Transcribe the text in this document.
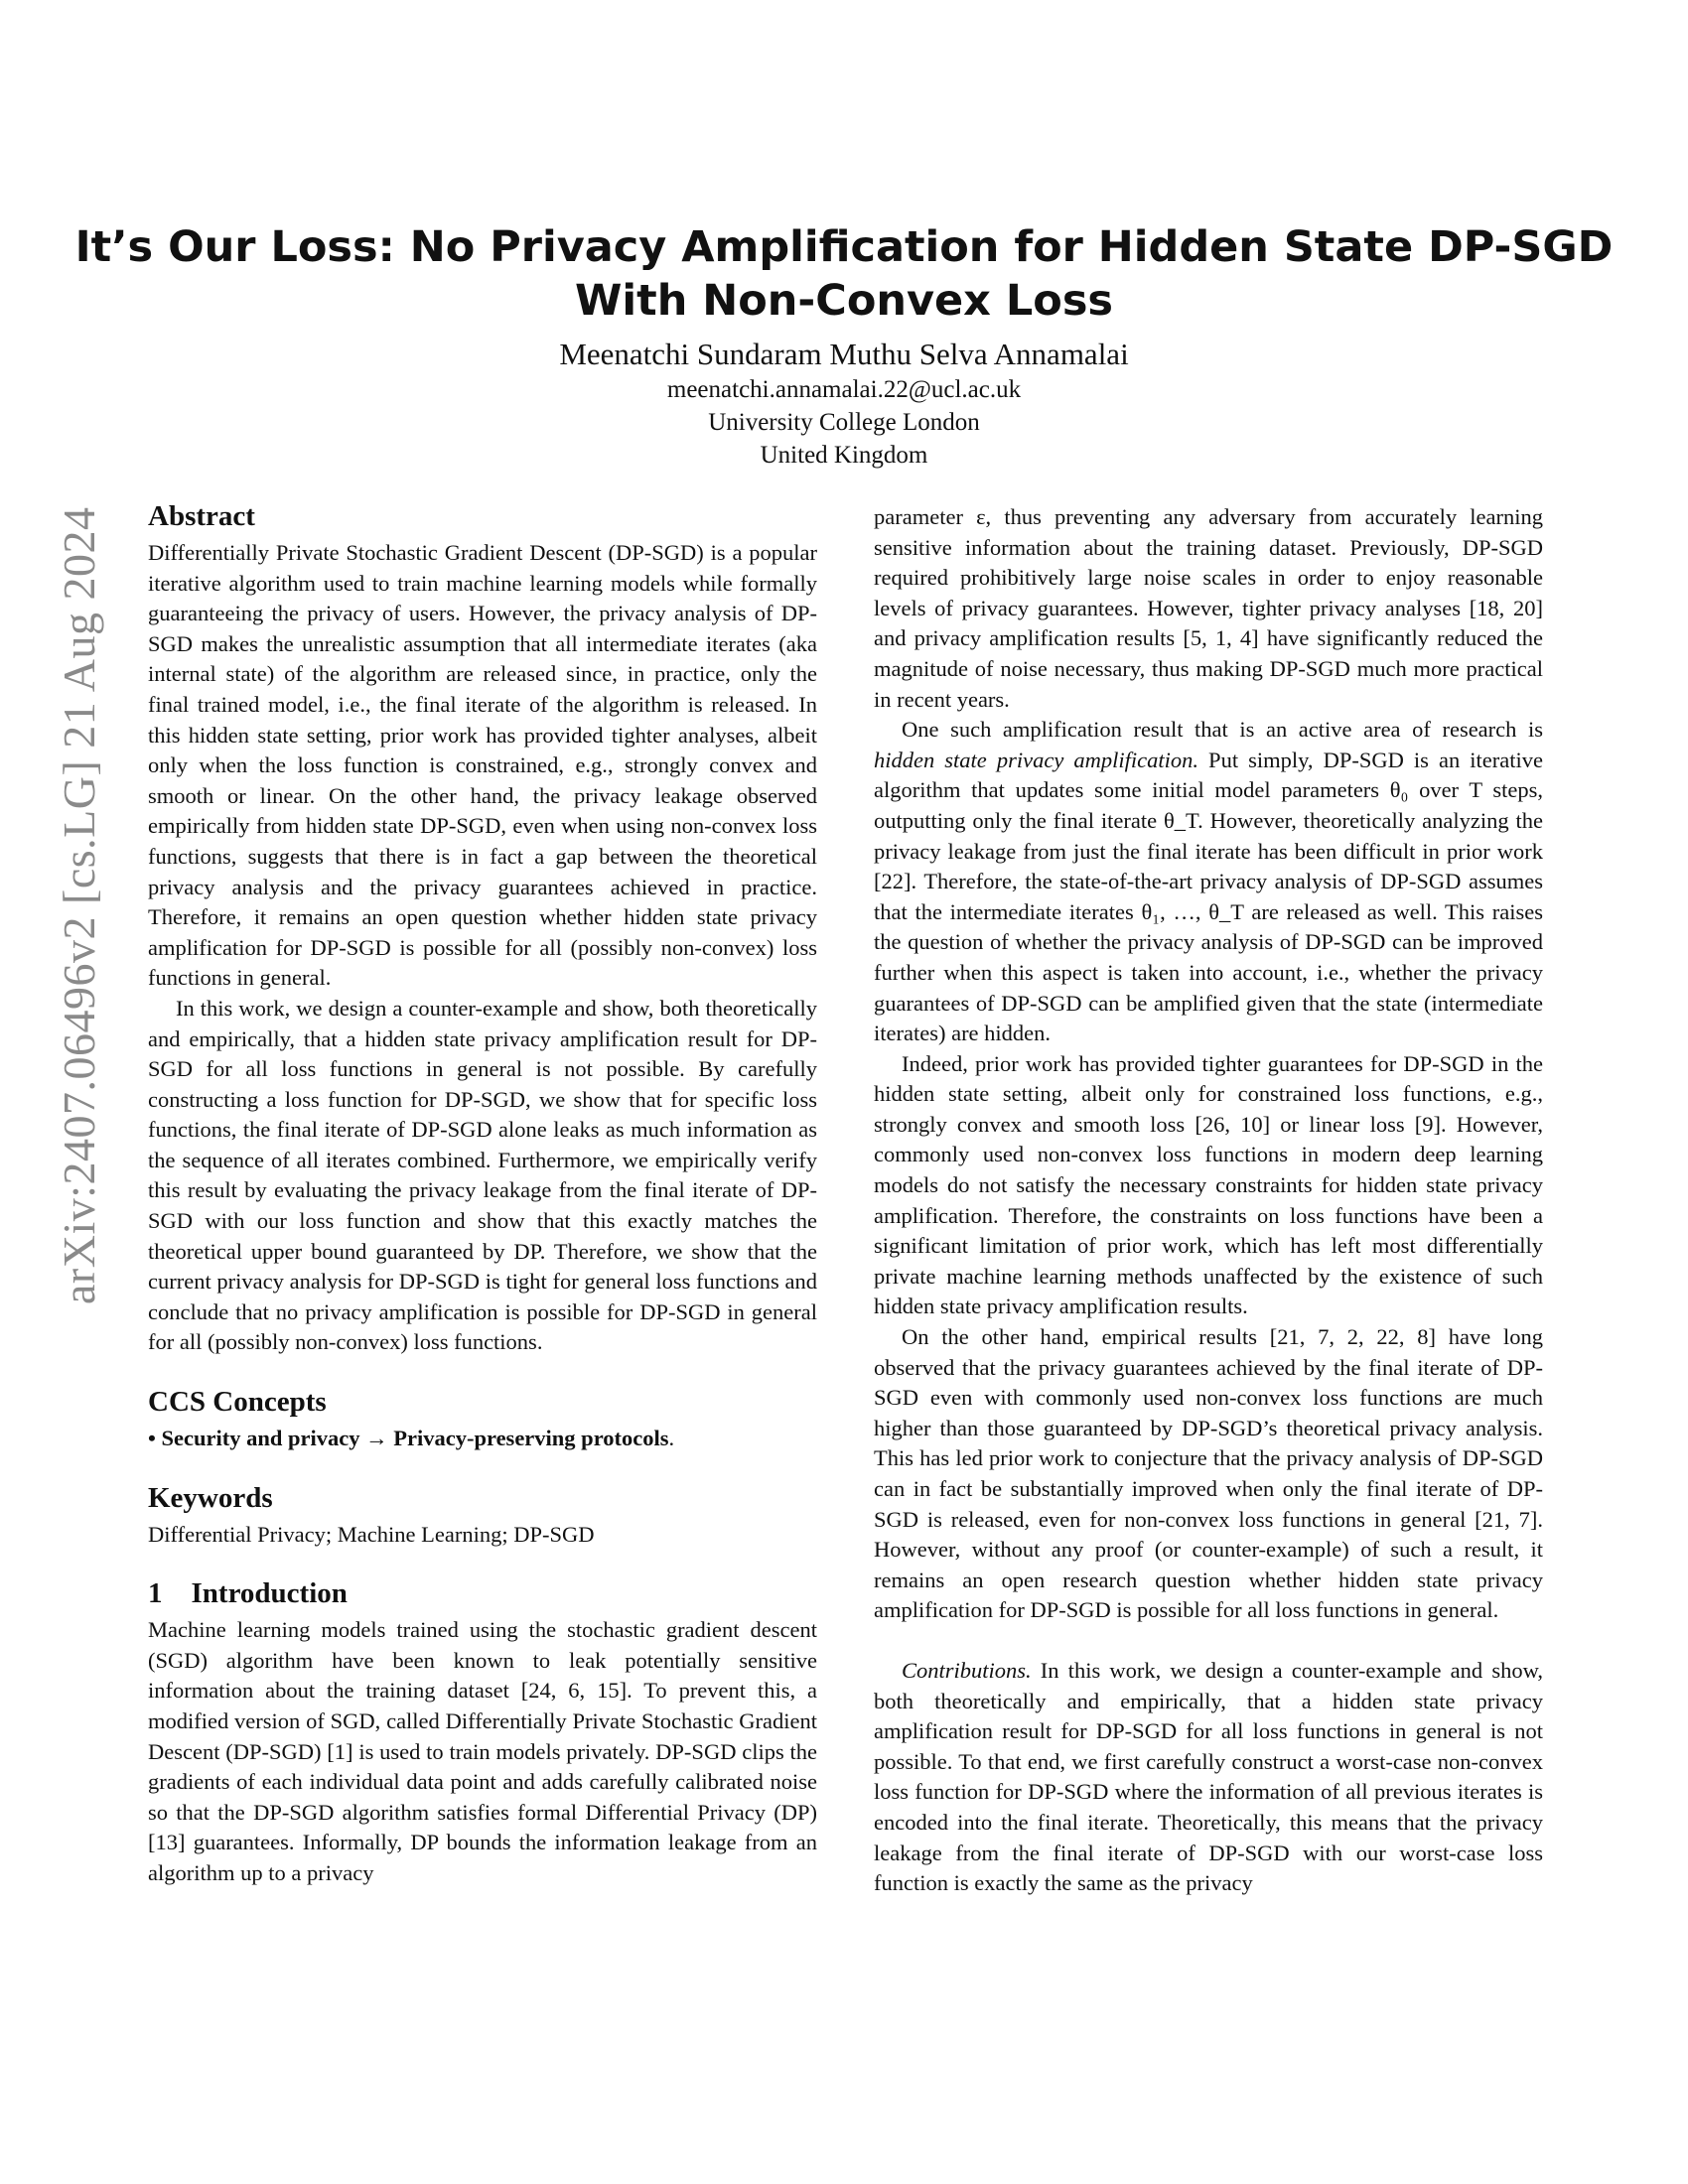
arXiv:2407.06496v2 [cs.LG] 21 Aug 2024
It’s Our Loss: No Privacy Amplification for Hidden State DP-SGD
With Non-Convex Loss
Meenatchi Sundaram Muthu Selva Annamalai
meenatchi.annamalai.22@ucl.ac.uk
University College London
United Kingdom
Abstract

Differentially Private Stochastic Gradient Descent (DP-SGD) is a popular iterative algorithm used to train machine learning models while formally guaranteeing the privacy of users. However, the privacy analysis of DP-SGD makes the unrealistic assumption that all intermediate iterates (aka internal state) of the algorithm are released since, in practice, only the final trained model, i.e., the final iterate of the algorithm is released. In this hidden state setting, prior work has provided tighter analyses, albeit only when the loss function is constrained, e.g., strongly convex and smooth or linear. On the other hand, the privacy leakage observed empirically from hidden state DP-SGD, even when using non-convex loss functions, suggests that there is in fact a gap between the theoretical privacy analysis and the privacy guarantees achieved in practice. Therefore, it remains an open question whether hidden state privacy amplification for DP-SGD is possible for all (possibly non-convex) loss functions in general.

In this work, we design a counter-example and show, both theoretically and empirically, that a hidden state privacy amplification result for DP-SGD for all loss functions in general is not possible. By carefully constructing a loss function for DP-SGD, we show that for specific loss functions, the final iterate of DP-SGD alone leaks as much information as the sequence of all iterates combined. Furthermore, we empirically verify this result by evaluating the privacy leakage from the final iterate of DP-SGD with our loss function and show that this exactly matches the theoretical upper bound guaranteed by DP. Therefore, we show that the current privacy analysis for DP-SGD is tight for general loss functions and conclude that no privacy amplification is possible for DP-SGD in general for all (possibly non-convex) loss functions.

CCS Concepts

• Security and privacy → Privacy-preserving protocols.

Keywords

Differential Privacy; Machine Learning; DP-SGD

1    Introduction

Machine learning models trained using the stochastic gradient descent (SGD) algorithm have been known to leak potentially sensitive information about the training dataset [24, 6, 15]. To prevent this, a modified version of SGD, called Differentially Private Stochastic Gradient Descent (DP-SGD) [1] is used to train models privately. DP-SGD clips the gradients of each individual data point and adds carefully calibrated noise so that the DP-SGD algorithm satisfies formal Differential Privacy (DP) [13] guarantees. Informally, DP bounds the information leakage from an algorithm up to a privacy

parameter ε, thus preventing any adversary from accurately learning sensitive information about the training dataset. Previously, DP-SGD required prohibitively large noise scales in order to enjoy reasonable levels of privacy guarantees. However, tighter privacy analyses [18, 20] and privacy amplification results [5, 1, 4] have significantly reduced the magnitude of noise necessary, thus making DP-SGD much more practical in recent years.

One such amplification result that is an active area of research is hidden state privacy amplification. Put simply, DP-SGD is an iterative algorithm that updates some initial model parameters θ₀ over T steps, outputting only the final iterate θ_T. However, theoretically analyzing the privacy leakage from just the final iterate has been difficult in prior work [22]. Therefore, the state-of-the-art privacy analysis of DP-SGD assumes that the intermediate iterates θ₁, …, θ_T are released as well. This raises the question of whether the privacy analysis of DP-SGD can be improved further when this aspect is taken into account, i.e., whether the privacy guarantees of DP-SGD can be amplified given that the state (intermediate iterates) are hidden.

Indeed, prior work has provided tighter guarantees for DP-SGD in the hidden state setting, albeit only for constrained loss functions, e.g., strongly convex and smooth loss [26, 10] or linear loss [9]. However, commonly used non-convex loss functions in modern deep learning models do not satisfy the necessary constraints for hidden state privacy amplification. Therefore, the constraints on loss functions have been a significant limitation of prior work, which has left most differentially private machine learning methods unaffected by the existence of such hidden state privacy amplification results.

On the other hand, empirical results [21, 7, 2, 22, 8] have long observed that the privacy guarantees achieved by the final iterate of DP-SGD even with commonly used non-convex loss functions are much higher than those guaranteed by DP-SGD’s theoretical privacy analysis. This has led prior work to conjecture that the privacy analysis of DP-SGD can in fact be substantially improved when only the final iterate of DP-SGD is released, even for non-convex loss functions in general [21, 7]. However, without any proof (or counter-example) of such a result, it remains an open research question whether hidden state privacy amplification for DP-SGD is possible for all loss functions in general.

Contributions. In this work, we design a counter-example and show, both theoretically and empirically, that a hidden state privacy amplification result for DP-SGD for all loss functions in general is not possible. To that end, we first carefully construct a worst-case non-convex loss function for DP-SGD where the information of all previous iterates is encoded into the final iterate. Theoretically, this means that the privacy leakage from the final iterate of DP-SGD with our worst-case loss function is exactly the same as the privacy
